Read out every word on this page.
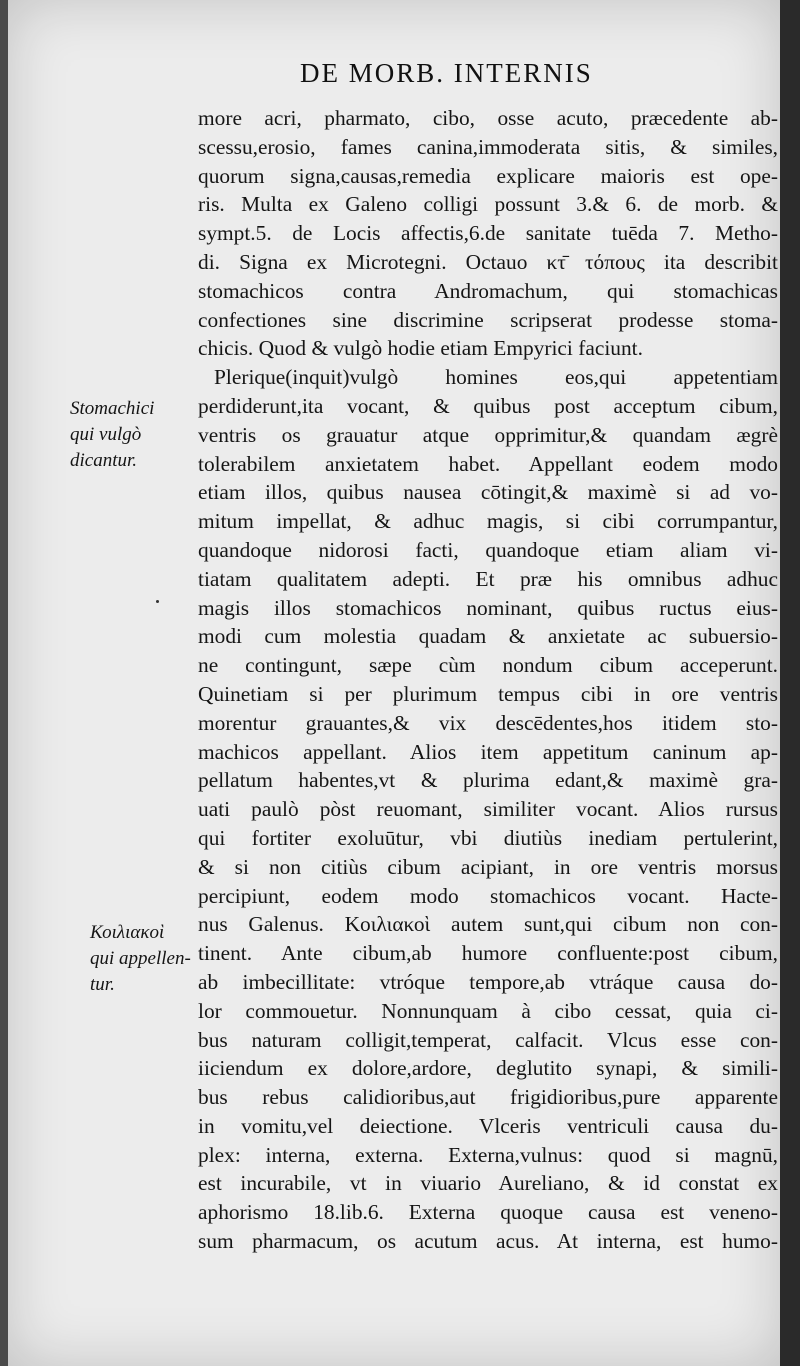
DE MORB. INTERNIS
Stomachici
qui vulgò
dicantur.
Κοιλιακοὶ
qui appellen-
tur.
more acri, pharmato, cibo, osse acuto, præcedente ab-
scessu,erosio, fames canina,immoderata sitis, & similes,
quorum signa,causas,remedia explicare maioris est ope-
ris. Multa ex Galeno colligi possunt 3.& 6. de morb. &
sympt.5. de Locis affectis,6.de sanitate tuēda 7. Metho-
di. Signa ex Microtegni. Octauo κτ̄ τόπους ita describit
stomachicos contra Andromachum, qui stomachicas
confectiones sine discrimine scripserat prodesse stoma-
chicis. Quod & vulgò hodie etiam Empyrici faciunt.
Plerique(inquit)vulgò homines eos,qui appetentiam
perdiderunt,ita vocant, & quibus post acceptum cibum,
ventris os grauatur atque opprimitur,& quandam ægrè
tolerabilem anxietatem habet. Appellant eodem modo
etiam illos, quibus nausea cōtingit,& maximè si ad vo-
mitum impellat, & adhuc magis, si cibi corrumpantur,
quandoque nidorosi facti, quandoque etiam aliam vi-
tiatam qualitatem adepti. Et præ his omnibus adhuc
magis illos stomachicos nominant, quibus ructus eius-
modi cum molestia quadam & anxietate ac subuersio-
ne contingunt, sæpe cùm nondum cibum acceperunt.
Quinetiam si per plurimum tempus cibi in ore ventris
morentur grauantes,& vix descēdentes,hos itidem sto-
machicos appellant. Alios item appetitum caninum ap-
pellatum habentes,vt & plurima edant,& maximè gra-
uati paulò pòst reuomant, similiter vocant. Alios rursus
qui fortiter exoluūtur, vbi diutiùs inediam pertulerint,
& si non citiùs cibum acipiant, in ore ventris morsus
percipiunt, eodem modo stomachicos vocant. Hacte-
nus Galenus. Κοιλιακοὶ autem sunt,qui cibum non con-
tinent. Ante cibum,ab humore confluente:post cibum,
ab imbecillitate: vtróque tempore,ab vtráque causa do-
lor commouetur. Nonnunquam à cibo cessat, quia ci-
bus naturam colligit,temperat, calfacit. Vlcus esse con-
iiciendum ex dolore,ardore, deglutito synapi, & simili-
bus rebus calidioribus,aut frigidioribus,pure apparente
in vomitu,vel deiectione. Vlceris ventriculi causa du-
plex: interna, externa. Externa,vulnus: quod si magnū,
est incurabile, vt in viuario Aureliano, & id constat ex
aphorismo 18.lib.6. Externa quoque causa est veneno-
sum pharmacum, os acutum acus. At interna, est humo-
